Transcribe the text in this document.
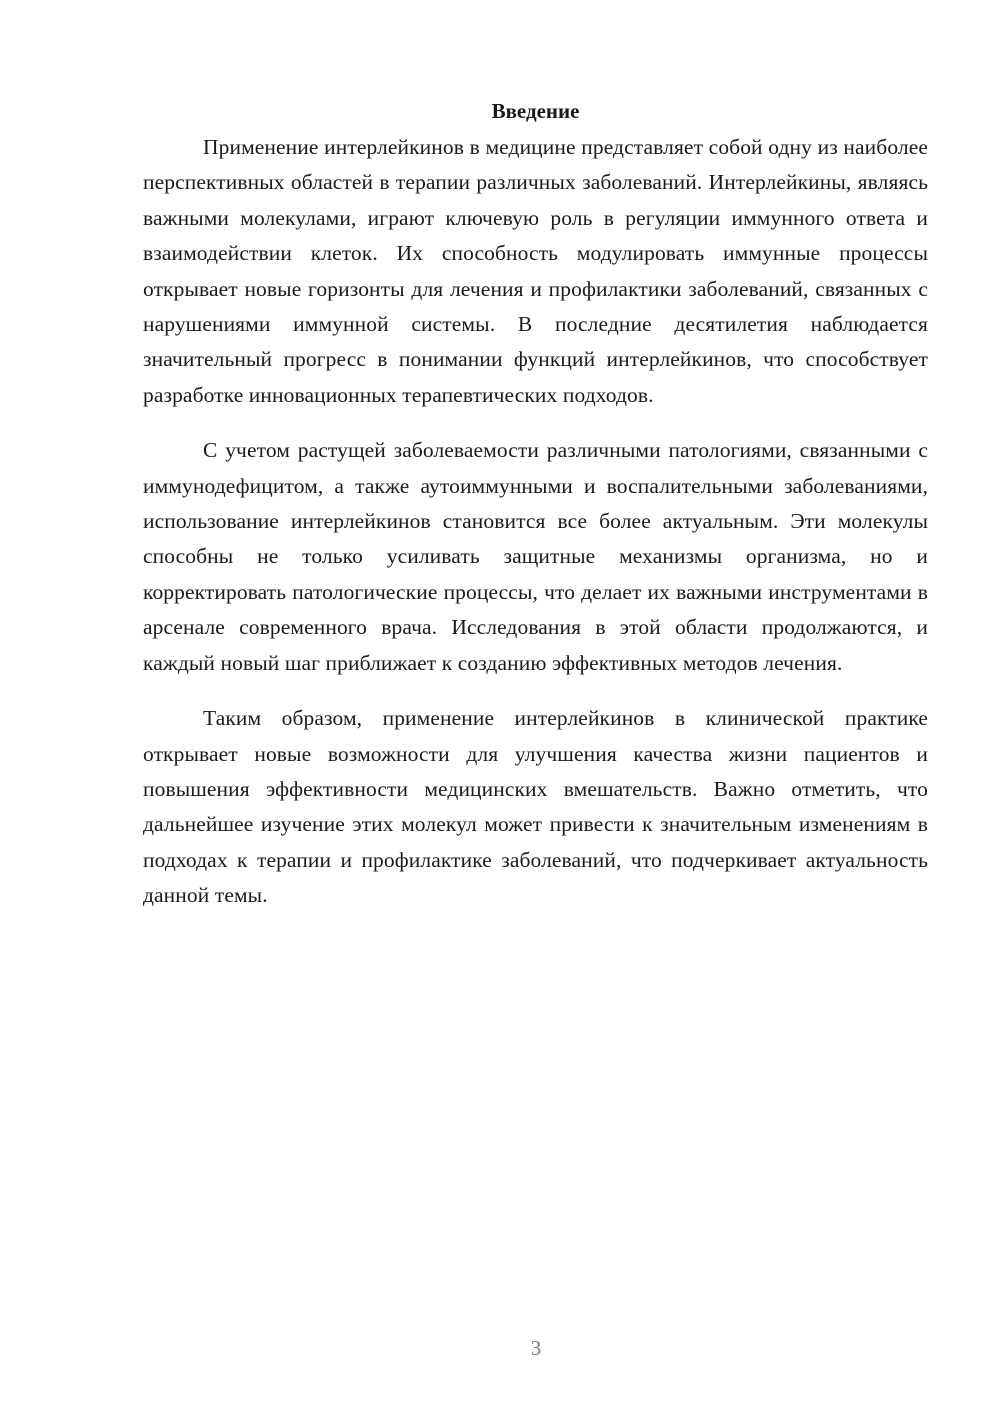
Введение

Применение интерлейкинов в медицине представляет собой одну из наиболее перспективных областей в терапии различных заболеваний. Интерлейкины, являясь важными молекулами, играют ключевую роль в регуляции иммунного ответа и взаимодействии клеток. Их способность модулировать иммунные процессы открывает новые горизонты для лечения и профилактики заболеваний, связанных с нарушениями иммунной системы. В последние десятилетия наблюдается значительный прогресс в понимании функций интерлейкинов, что способствует разработке инновационных терапевтических подходов.

С учетом растущей заболеваемости различными патологиями, связанными с иммунодефицитом, а также аутоиммунными и воспалительными заболеваниями, использование интерлейкинов становится все более актуальным. Эти молекулы способны не только усиливать защитные механизмы организма, но и корректировать патологические процессы, что делает их важными инструментами в арсенале современного врача. Исследования в этой области продолжаются, и каждый новый шаг приближает к созданию эффективных методов лечения.

Таким образом, применение интерлейкинов в клинической практике открывает новые возможности для улучшения качества жизни пациентов и повышения эффективности медицинских вмешательств. Важно отметить, что дальнейшее изучение этих молекул может привести к значительным изменениям в подходах к терапии и профилактике заболеваний, что подчеркивает актуальность данной темы.

3
